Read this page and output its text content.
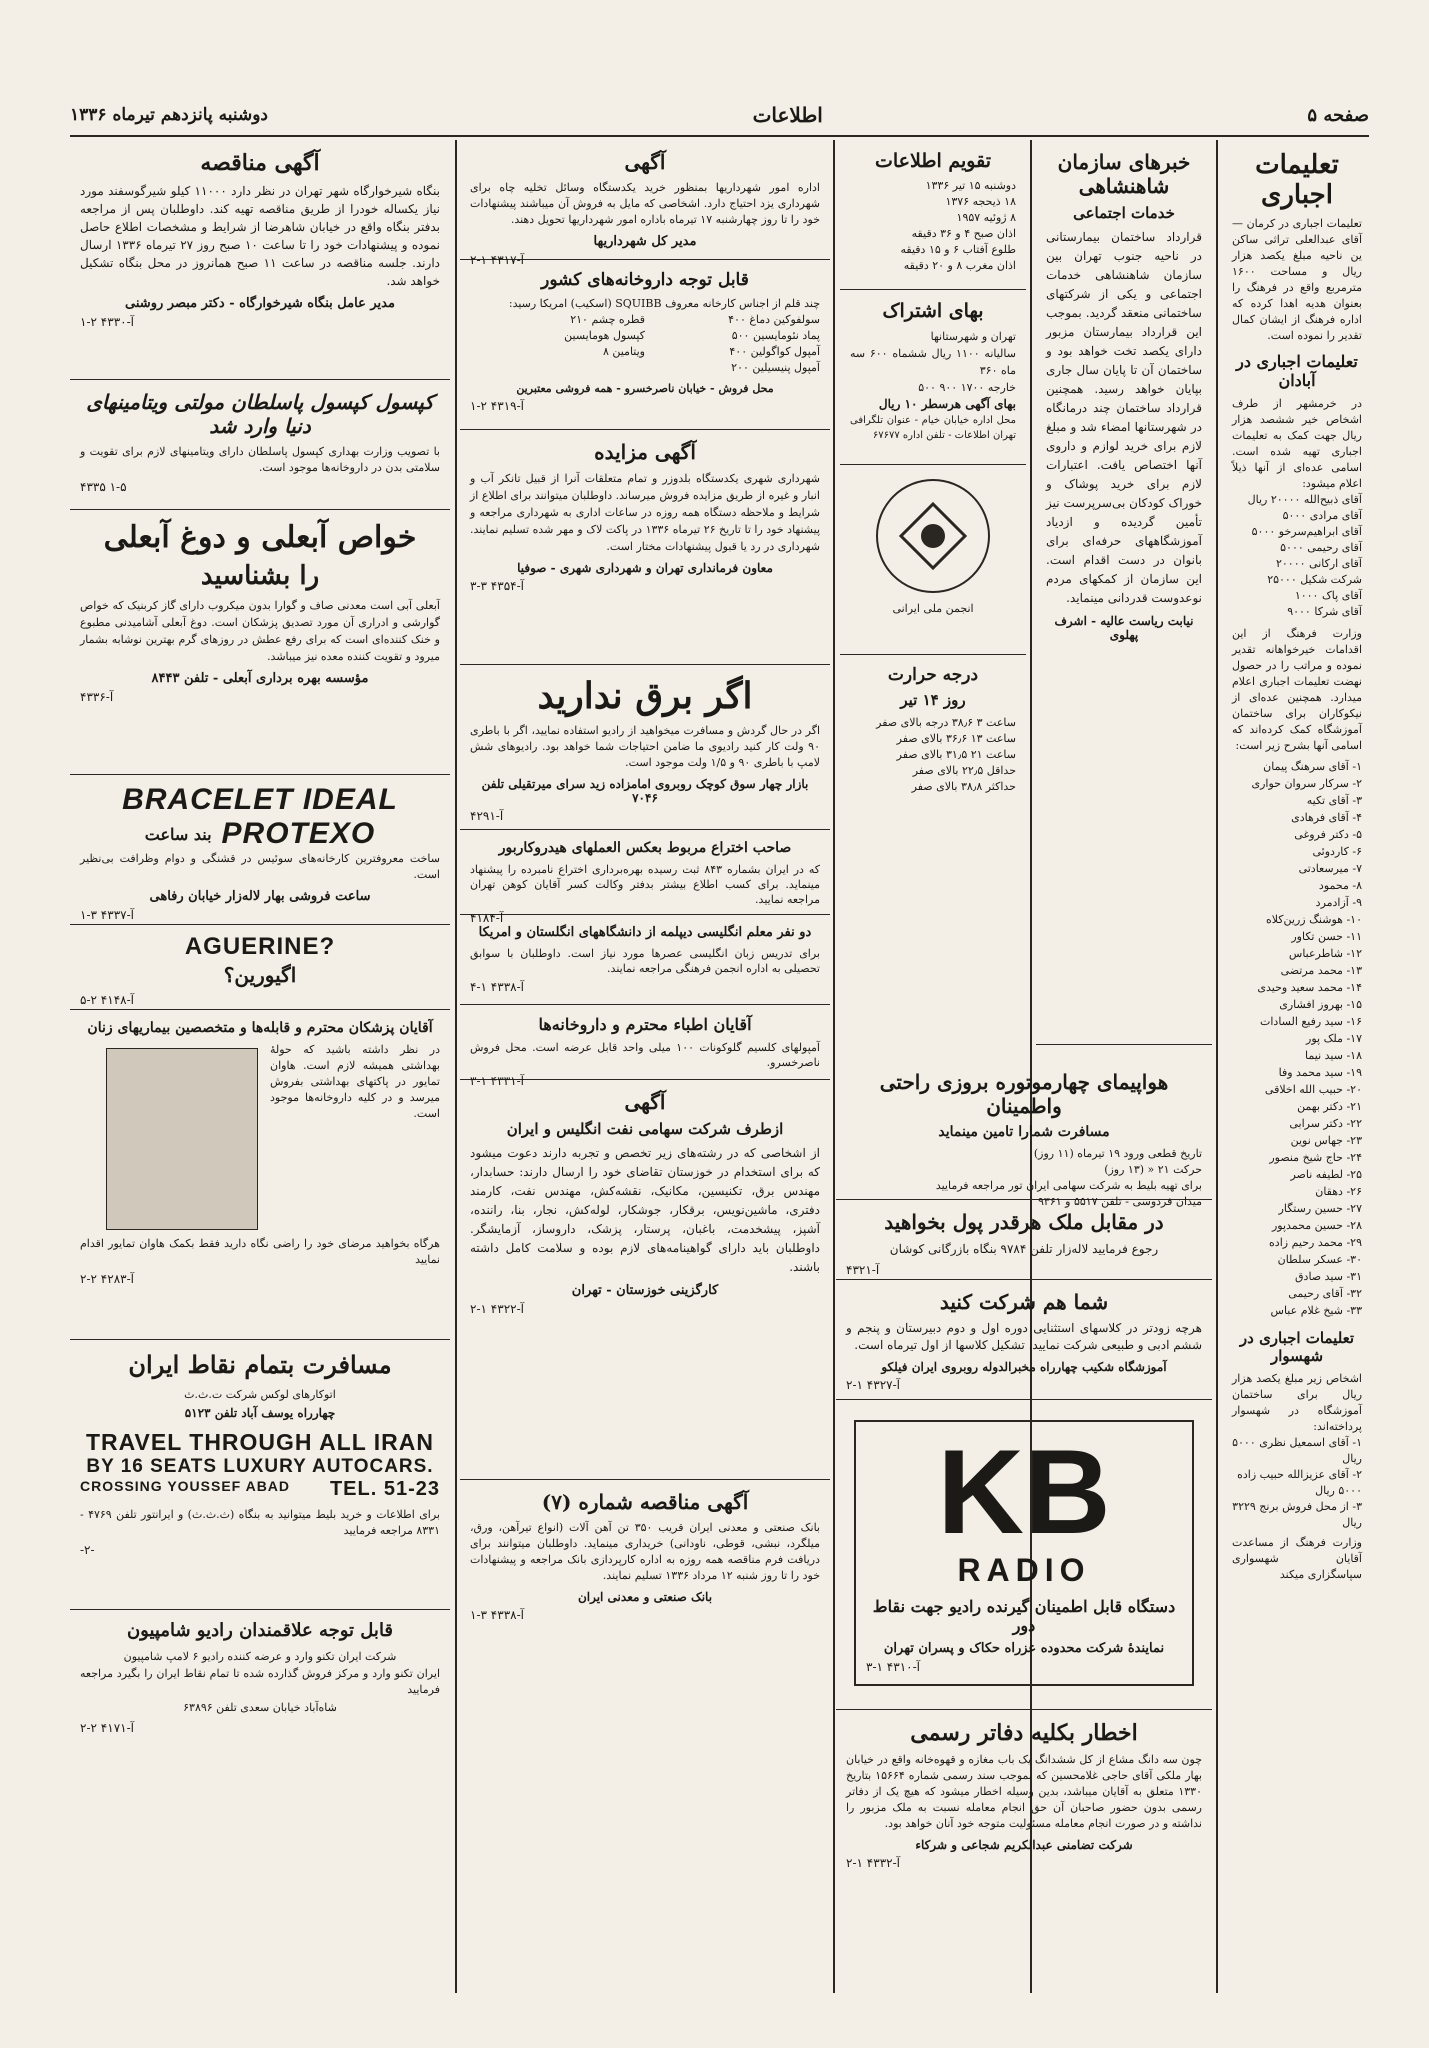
صفحه ۵
اطلاعات
دوشنبه پانزدهم تیرماه ۱۳۳۶
تعلیمات اجباری
تعلیمات اجباری در کرمان — آقای عبدالعلی تراثی ساکن ین ناحیه مبلغ یکصد هزار ریال و مساحت ۱۶۰۰ مترمربع واقع در فرهنگ را بعنوان هدیه اهدا کرده که اداره فرهنگ از ایشان کمال تقدیر را نموده است.
تعلیمات اجباری در آبادان
در خرمشهر از طرف اشخاص خیر ششصد هزار ریال جهت کمک به تعلیمات اجباری تهیه شده است. اسامی عده‌ای از آنها ذیلاً اعلام میشود:
آقای ذبیح‌الله ۲۰۰۰۰ ریال
آقای مرادی ۵۰۰۰
آقای ابراهیم‌سرخو ۵۰۰۰
آقای رحیمی ۵۰۰۰
آقای ارکانی ۲۰۰۰۰
شرکت شکیل ۲۵۰۰۰
آقای پاک ۱۰۰۰
آقای شرکا ۹۰۰۰
وزارت فرهنگ از این اقدامات خیرخواهانه تقدیر نموده و مراتب را در حصول نهضت تعلیمات اجباری اعلام میدارد. همچنین عده‌ای از نیکوکاران برای ساختمان آموزشگاه کمک کرده‌اند که اسامی آنها بشرح زیر است:
۱- آقای سرهنگ پیمان
۲- سرکار سروان حواری
۳- آقای تکیه
۴- آقای فرهادی
۵- دکتر فروغی
۶- کاردوئی
۷- میرسعادتی
۸- محمود
۹- آزادمرد
۱۰- هوشنگ زرین‌کلاه
۱۱- حسن تکاور
۱۲- شاطرعباس
۱۳- محمد مرتضی
۱۴- محمد سعید وحیدی
۱۵- بهروز افشاری
۱۶- سید رفیع السادات
۱۷- ملک پور
۱۸- سید نیما
۱۹- سید محمد وفا
۲۰- حبیب الله اخلاقی
۲۱- دکتر بهمن
۲۲- دکتر سرابی
۲۳- جهاس نوین
۲۴- حاج شیخ منصور
۲۵- لطیفه ناصر
۲۶- دهقان
۲۷- حسین رستگار
۲۸- حسین محمدپور
۲۹- محمد رحیم زاده
۳۰- عسکر سلطان
۳۱- سید صادق
۳۲- آقای رحیمی
۳۳- شیخ غلام عباس
تعلیمات اجباری در شهسوار
اشخاص زیر مبلغ یکصد هزار ریال برای ساختمان آموزشگاه در شهسوار پرداخته‌اند:
۱- آقای اسمعیل نظری ۵۰۰۰ ریال
۲- آقای عزیزالله حبیب زاده ۵۰۰۰ ریال
۳- از محل فروش برنج ۳۲۲۹ ریال
وزارت فرهنگ از مساعدت آقایان شهسواری سپاسگزاری میکند
خبرهای سازمان شاهنشاهی
خدمات اجتماعی
قرارداد ساختمان بیمارستانی در ناحیه جنوب تهران بین سازمان شاهنشاهی خدمات اجتماعی و یکی از شرکتهای ساختمانی منعقد گردید. بموجب این قرارداد بیمارستان مزبور دارای یکصد تخت خواهد بود و ساختمان آن تا پایان سال جاری بپایان خواهد رسید. همچنین قرارداد ساختمان چند درمانگاه در شهرستانها امضاء شد و مبلغ لازم برای خرید لوازم و داروی آنها اختصاص یافت. اعتبارات لازم برای خرید پوشاک و خوراک کودکان بی‌سرپرست نیز تأمین گردیده و ازدیاد آموزشگاههای حرفه‌ای برای بانوان در دست اقدام است. این سازمان از کمکهای مردم نوعدوست قدردانی مینماید.
نیابت ریاست عالیه - اشرف پهلوی
هواپیمای چهارموتوره بروزی راحتی واطمینان
مسافرت شمارا تامین مینماید
تاریخ قطعی ورود ۱۹ تیرماه (۱۱ روز)
حرکت ۲۱ « (۱۳ روز)
برای تهیه بلیط به شرکت سهامی ایران تور مراجعه فرمایید
میدان فردوسی - تلفن ۵۵۱۷ و ۹۳۶۱
در مقابل ملک هرقدر پول بخواهید
رجوع فرمایید لاله‌زار تلفن ۹۷۸۴ بنگاه بازرگانی کوشان
آ-۴۳۲۱
شما هم شرکت کنید
هرچه زودتر در کلاسهای استثنایی دوره اول و دوم دبیرستان و پنجم و ششم ادبی و طبیعی شرکت نمایید. تشکیل کلاسها از اول تیرماه است.
آموزشگاه شکیب چهارراه مخبرالدوله روبروی ایران فیلکو
آ-۴۳۲۷ ۱-۲
KB
RADIO
دستگاه قابل اطمینان گیرنده رادیو جهت نقاط دور
نمایندۀ شرکت محدوده عزراه حکاک و پسران تهران
آ-۴۳۱۰ ۱-۳
اخطار بکلیه دفاتر رسمی
چون سه دانگ مشاع از کل ششدانگ یک باب مغازه و قهوه‌خانه واقع در خیابان بهار ملکی آقای حاجی غلامحسین که بموجب سند رسمی شماره ۱۵۶۶۴ بتاریخ ۱۳۳۰ متعلق به آقایان میباشد، بدین وسیله اخطار میشود که هیچ یک از دفاتر رسمی بدون حضور صاحبان آن حق انجام معامله نسبت به ملک مزبور را نداشته و در صورت انجام معامله مسئولیت متوجه خود آنان خواهد بود.
شرکت تضامنی عبدالکریم شجاعی و شرکاء
آ-۴۳۳۲ ۱-۲
تقویم اطلاعات
دوشنبه ۱۵ تیر ۱۳۳۶
۱۸ ذیحجه ۱۳۷۶
۸ ژوئیه ۱۹۵۷
اذان صبح ۴ و ۳۶ دقیقه
طلوع آفتاب ۶ و ۱۵ دقیقه
اذان مغرب ۸ و ۲۰ دقیقه
بهای اشتراک
تهران و شهرستانها
سالیانه ۱۱۰۰ ریال ششماه ۶۰۰ سه ماه ۳۶۰
خارجه ۱۷۰۰ ۹۰۰ ۵۰۰
بهای آگهی هرسطر ۱۰ ریال
محل اداره خیابان خیام - عنوان تلگرافی تهران اطلاعات - تلفن اداره ۶۷۶۷۷
انجمن ملی ایرانی
درجه حرارت
روز ۱۴ تیر
ساعت ۳ ۳۸٫۶ درجه بالای صفر
ساعت ۱۳ ۳۶٫۶ بالای صفر
ساعت ۲۱ ۳۱٫۵ بالای صفر
حداقل ۲۲٫۵ بالای صفر
حداکثر ۳۸٫۸ بالای صفر
آگهی
اداره امور شهرداریها بمنظور خرید یکدستگاه وسائل تخلیه چاه برای شهرداری یزد احتیاج دارد. اشخاصی که مایل به فروش آن میباشند پیشنهادات خود را تا روز چهارشنبه ۱۷ تیرماه باداره امور شهرداریها تحویل دهند.
مدیر کل شهرداریها
آ-۴۳۱۷ ۱-۲
قابل توجه داروخانه‌های کشور
چند قلم از اجناس کارخانه معروف SQUIBB (اسکیب) امریکا رسید:
سولفوکین دماغ ۴۰۰
قطره چشم ۲۱۰
پماد نئومایسین ۵۰۰
کپسول هومایسین
آمپول کواگولین ۴۰۰
ویتامین ۸
آمپول پنیسیلین ۲۰۰
محل فروش - خیابان ناصرخسرو - همه فروشی معتبرین
آ-۴۳۱۹ ۲-۱
آگهی مزایده
شهرداری شهری یکدستگاه بلدوزر و تمام متعلقات آنرا از قبیل تانکر آب و انبار و غیره از طریق مزایده فروش میرساند. داوطلبان میتوانند برای اطلاع از شرایط و ملاحظه دستگاه همه روزه در ساعات اداری به شهرداری مراجعه و پیشنهاد خود را تا تاریخ ۲۶ تیرماه ۱۳۳۶ در پاکت لاک و مهر شده تسلیم نمایند. شهرداری در رد یا قبول پیشنهادات مختار است.
معاون فرمانداری تهران و شهرداری شهری - صوفیا
آ-۴۳۵۴ ۳-۳
اگر برق ندارید
اگر در حال گردش و مسافرت میخواهید از رادیو استفاده نمایید، اگر با باطری ۹۰ ولت کار کنید رادیوی ما ضامن احتیاجات شما خواهد بود. رادیوهای شش لامپ با باطری ۹۰ و ۱/۵ ولت موجود است.
بازار چهار سوق کوچک روبروی امامزاده زید سرای میرتقیلی تلفن ۷۰۴۶
آ-۴۲۹۱
صاحب اختراع مربوط بعکس العملهای هیدروکاربور
که در ایران بشماره ۸۴۳ ثبت رسیده بهره‌برداری اختراع نامبرده را پیشنهاد مینماید. برای کسب اطلاع بیشتر بدفتر وکالت کسر آقایان کوهن تهران مراجعه نمایید.
آ-۴۱۸۴
دو نفر معلم انگلیسی دیپلمه از دانشگاههای انگلستان و امریکا
برای تدریس زبان انگلیسی عصرها مورد نیاز است. داوطلبان با سوابق تحصیلی به اداره انجمن فرهنگی مراجعه نمایند.
آ-۴۳۳۸ ۱-۴
آقایان اطباء محترم و داروخانه‌ها
آمپولهای کلسیم گلوکونات ۱۰۰ میلی واحد قابل عرضه است. محل فروش ناصرخسرو.
آ-۴۳۳۱ ۱-۳
آگهی
ازطرف شرکت سهامی نفت انگلیس و ایران
از اشخاصی که در رشته‌های زیر تخصص و تجربه دارند دعوت میشود که برای استخدام در خوزستان تقاضای خود را ارسال دارند: حسابدار، مهندس برق، تکنیسین، مکانیک، نقشه‌کش، مهندس نفت، کارمند دفتری، ماشین‌نویس، برقکار، جوشکار، لوله‌کش، نجار، بنا، راننده، آشپز، پیشخدمت، باغبان، پرستار، پزشک، داروساز، آزمایشگر. داوطلبان باید دارای گواهینامه‌های لازم بوده و سلامت کامل داشته باشند.
کارگزینی خوزستان - تهران
آ-۴۳۲۲ ۱-۲
آگهی مناقصه شماره (۷)
بانک صنعتی و معدنی ایران قریب ۳۵۰ تن آهن آلات (انواع تیرآهن، ورق، میلگرد، نبشی، قوطی، ناودانی) خریداری مینماید. داوطلبان میتوانند برای دریافت فرم مناقصه همه روزه به اداره کارپردازی بانک مراجعه و پیشنهادات خود را تا روز شنبه ۱۲ مرداد ۱۳۳۶ تسلیم نمایند.
بانک صنعتی و معدنی ایران
آ-۴۳۳۸ ۳-۱
آگهی مناقصه
بنگاه شیرخوارگاه شهر تهران در نظر دارد ۱۱۰۰۰ کیلو شیرگوسفند مورد نیاز یکساله خودرا از طریق مناقصه تهیه کند. داوطلبان پس از مراجعه بدفتر بنگاه واقع در خیابان شاهرضا از شرایط و مشخصات اطلاع حاصل نموده و پیشنهادات خود را تا ساعت ۱۰ صبح روز ۲۷ تیرماه ۱۳۳۶ ارسال دارند. جلسه مناقصه در ساعت ۱۱ صبح همانروز در محل بنگاه تشکیل خواهد شد.
مدیر عامل بنگاه شیرخوارگاه - دکتر مبصر روشنی
آ-۴۳۳۰ ۲-۱
کپسول کپسول پاسلطان مولتی ویتامینهای دنیا وارد شد
با تصویب وزارت بهداری کپسول پاسلطان دارای ویتامینهای لازم برای تقویت و سلامتی بدن در داروخانه‌ها موجود است.
۴۳۳۵ ۱-۵
خواص آبعلی و دوغ آبعلی
را بشناسید
آبعلی آبی است معدنی صاف و گوارا بدون میکروب دارای گاز کربنیک که خواص گوارشی و ادراری آن مورد تصدیق پزشکان است. دوغ آبعلی آشامیدنی مطبوع و خنک کننده‌ای است که برای رفع عطش در روزهای گرم بهترین نوشابه بشمار میرود و تقویت کننده معده نیز میباشد.
مؤسسه بهره برداری آبعلی - تلفن ۸۴۴۳
آ-۴۳۳۶
BRACELET IDEAL
PROTEXO
بند ساعت
ساخت معروفترین کارخانه‌های سوئیس در قشنگی و دوام وظرافت بی‌نظیر است.
ساعت فروشی بهار لاله‌زار خیابان رفاهی
آ-۴۳۳۷ ۳-۱
AGUERINE?
اگیورین؟
آ-۴۱۴۸ ۲-۵
آقایان پزشکان محترم و قابله‌ها و متخصصین بیماریهای زنان
در نظر داشته باشید که حولۀ بهداشتی همیشه لازم است. هاوان تمایور در پاکتهای بهداشتی بفروش میرسد و در کلیه داروخانه‌ها موجود است.
هرگاه بخواهید مرضای خود را راضی نگاه دارید فقط بکمک هاوان تمایور اقدام نمایید
آ-۴۲۸۳ ۲-۲
مسافرت بتمام نقاط ایران
اتوکارهای لوکس شرکت ت.ث.ث
چهارراه یوسف آباد تلفن ۵۱۲۳
TRAVEL THROUGH ALL IRAN
BY 16 SEATS LUXURY AUTOCARS.
CROSSING YOUSSEF ABAD TEL. 51-23
برای اطلاعات و خرید بلیط میتوانید به بنگاه (ث.ث.ث) و ایرانتور تلفن ۴۷۶۹ - ۸۳۳۱ مراجعه فرمایید
-۲-
قابل توجه علاقمندان رادیو شامپیون
شرکت ایران تکنو وارد و عرضه کننده رادیو ۶ لامپ شامپیون
ایران تکنو وارد و مرکز فروش گذارده شده تا تمام نقاط ایران را بگیرد مراجعه فرمایید
شاه‌آباد خیابان سعدی تلفن ۶۳۸۹۶
آ-۴۱۷۱ ۲-۲
